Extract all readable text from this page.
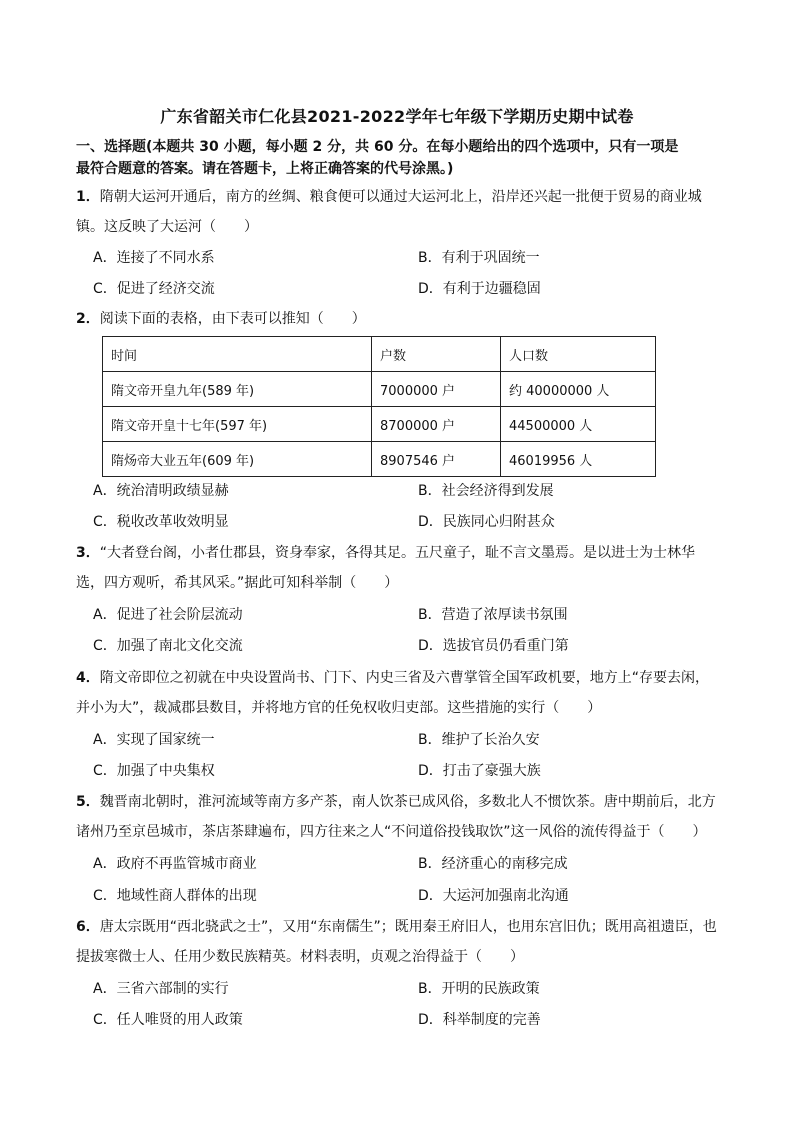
广东省韶关市仁化县2021-2022学年七年级下学期历史期中试卷
一、选择题(本题共 30 小题，每小题 2 分，共 60 分。在每小题给出的四个选项中，只有一项是
最符合题意的答案。请在答题卡，上将正确答案的代号涂黑。)
1．隋朝大运河开通后，南方的丝绸、粮食便可以通过大运河北上，沿岸还兴起一批便于贸易的商业城
镇。这反映了大运河（　　）
A．连接了不同水系	B．有利于巩固统一
C．促进了经济交流	D．有利于边疆稳固
2．阅读下面的表格，由下表可以推知（　　）
时间	户数	人口数
隋文帝开皇九年(589 年)	7000000 户	约 40000000 人
隋文帝开皇十七年(597 年)	8700000 户	44500000 人
隋炀帝大业五年(609 年)	8907546 户	46019956 人
A．统治清明政绩显赫	B．社会经济得到发展
C．税收改革收效明显	D．民族同心归附甚众
3．“大者登台阁，小者仕郡县，资身奉家，各得其足。五尺童子，耻不言文墨焉。是以进士为士林华
选，四方观听，希其风采。”据此可知科举制（　　）
A．促进了社会阶层流动	B．营造了浓厚读书氛围
C．加强了南北文化交流	D．选拔官员仍看重门第
4．隋文帝即位之初就在中央设置尚书、门下、内史三省及六曹掌管全国军政机要，地方上“存要去闲，
并小为大”，裁减郡县数目，并将地方官的任免权收归吏部。这些措施的实行（　　）
A．实现了国家统一	B．维护了长治久安
C．加强了中央集权	D．打击了豪强大族
5．魏晋南北朝时，淮河流域等南方多产茶，南人饮茶已成风俗，多数北人不惯饮茶。唐中期前后，北方
诸州乃至京邑城市，茶店茶肆遍布，四方往来之人“不问道俗投钱取饮”这一风俗的流传得益于（　　）
A．政府不再监管城市商业	B．经济重心的南移完成
C．地域性商人群体的出现	D．大运河加强南北沟通
6．唐太宗既用“西北骁武之士”，又用“东南儒生”；既用秦王府旧人，也用东宫旧仇；既用高祖遗臣，也
提拔寒微士人、任用少数民族精英。材料表明，贞观之治得益于（　　）
A．三省六部制的实行	B．开明的民族政策
C．任人唯贤的用人政策	D．科举制度的完善
